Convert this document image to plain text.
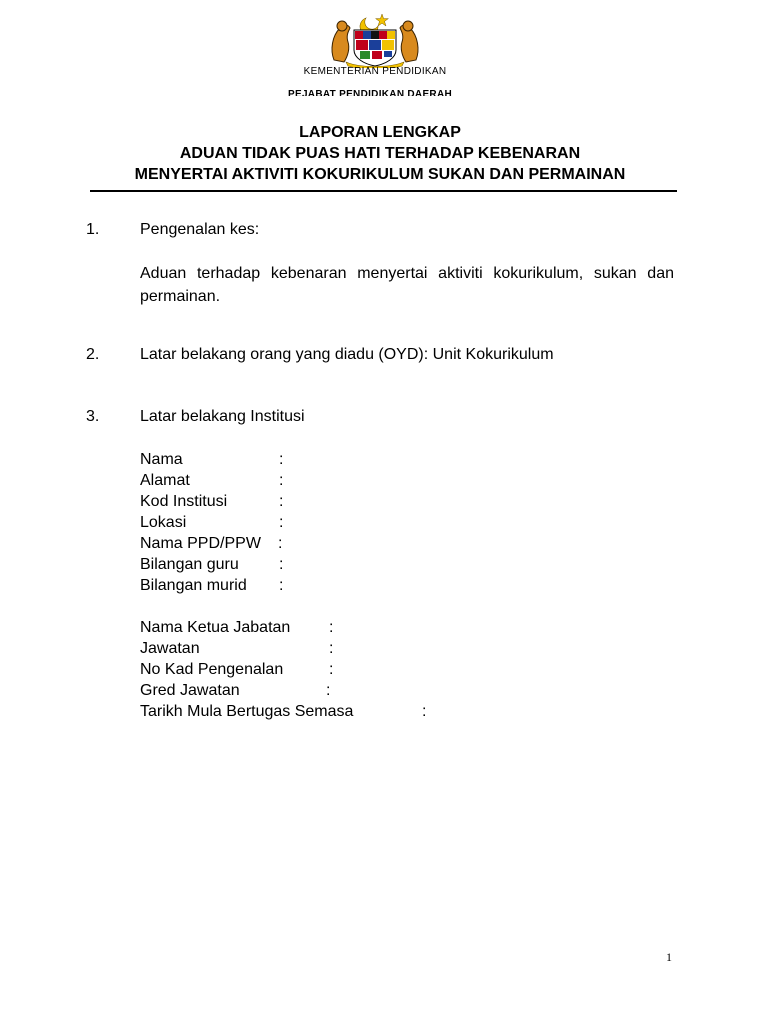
KEMENTERIAN PENDIDIKAN
PEJABAT PENDIDIKAN DAERAH
LAPORAN LENGKAP
ADUAN TIDAK PUAS HATI TERHADAP KEBENARAN
MENYERTAI AKTIVITI KOKURIKULUM SUKAN DAN PERMAINAN
1.	Pengenalan kes:
Aduan terhadap kebenaran menyertai aktiviti kokurikulum, sukan dan permainan.
2.	Latar belakang orang yang diadu (OYD): Unit Kokurikulum
3.	Latar belakang Institusi
Nama	:
Alamat	:
Kod Institusi	:
Lokasi	:
Nama PPD/PPW :
Bilangan guru	:
Bilangan murid :
Nama Ketua Jabatan :
Jawatan	:
No Kad Pengenalan	:
Gred Jawatan	:
Tarikh Mula Bertugas Semasa	:
1
